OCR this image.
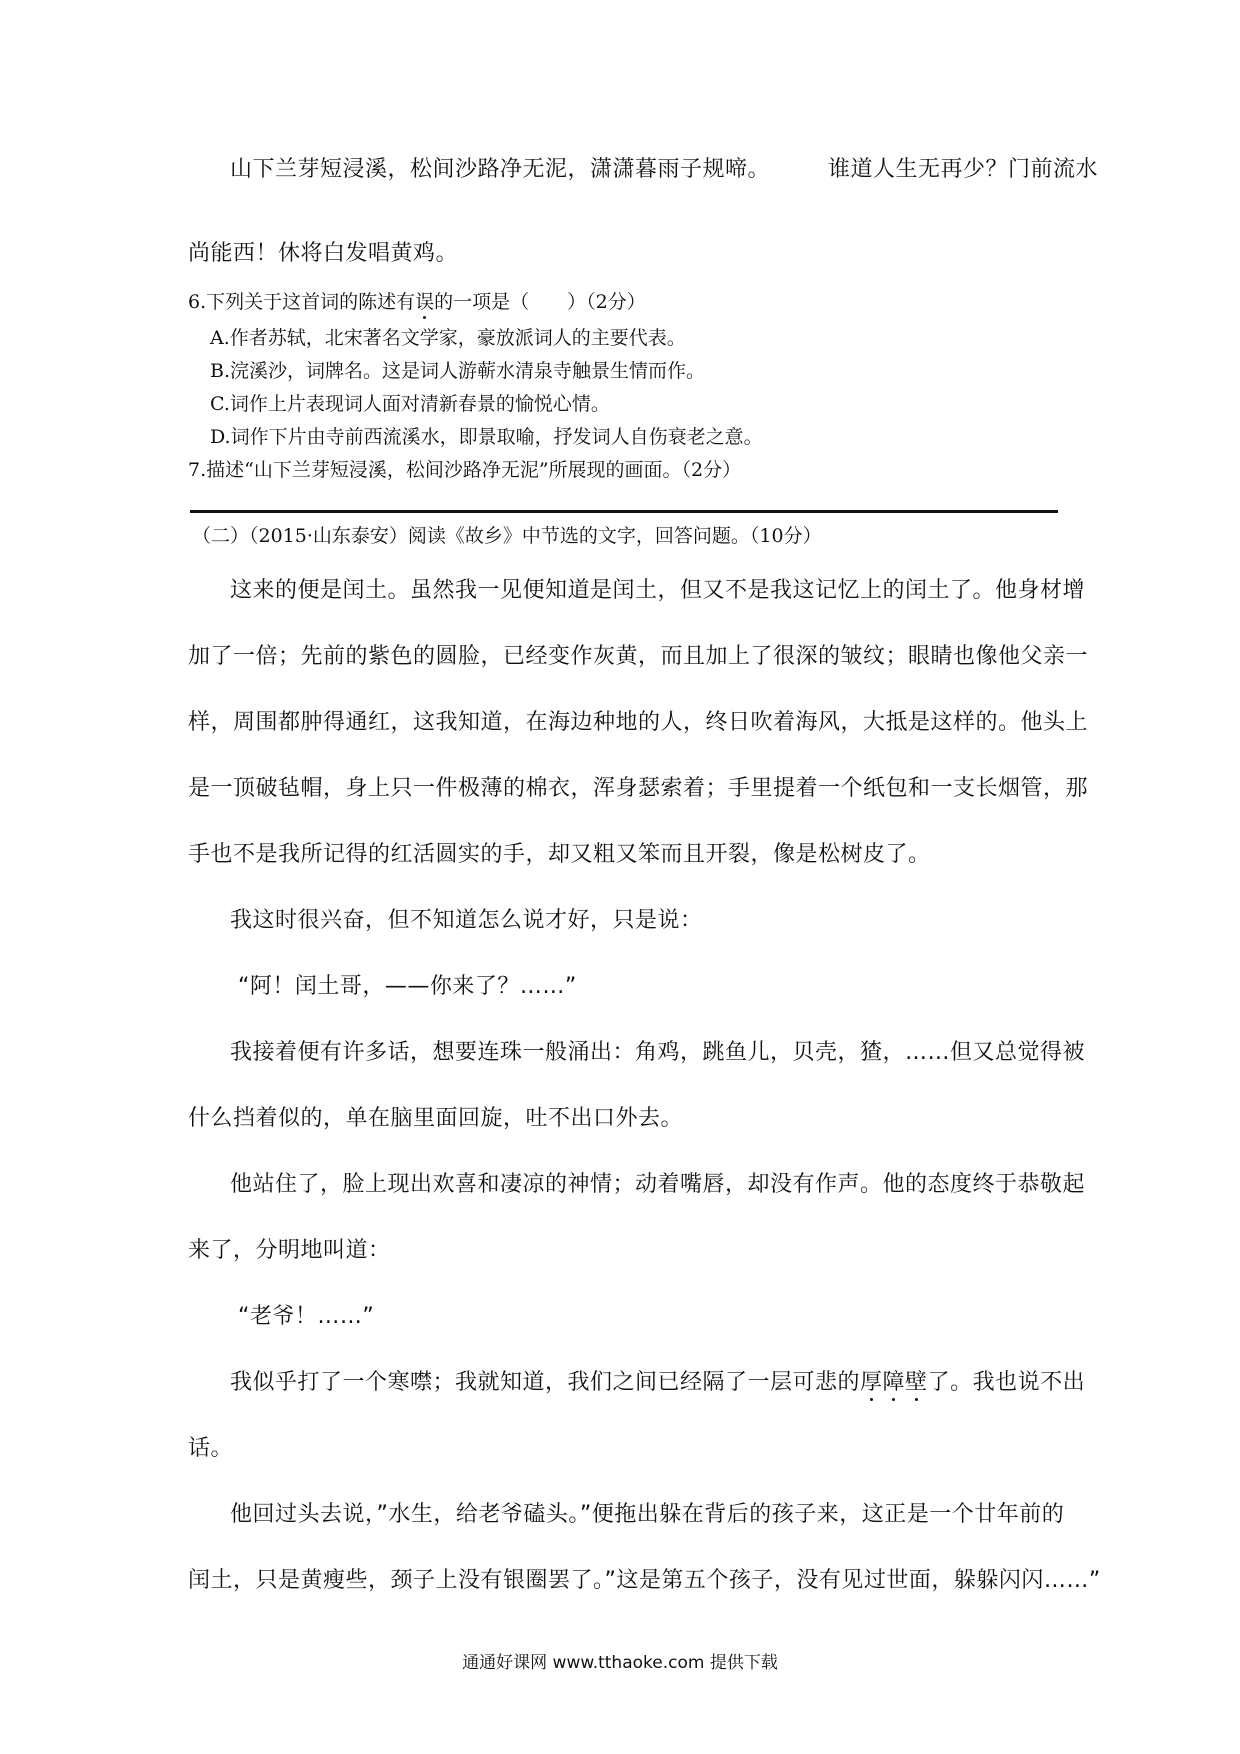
山下兰芽短浸溪，松间沙路净无泥，潇潇暮雨子规啼。	谁道人生无再少？门前流水
尚能西！休将白发唱黄鸡。
6.下列关于这首词的陈述有误的一项是（　　）（2分）
A.作者苏轼，北宋著名文学家，豪放派词人的主要代表。
B.浣溪沙，词牌名。这是词人游蕲水清泉寺触景生情而作。
C.词作上片表现词人面对清新春景的愉悦心情。
D.词作下片由寺前西流溪水，即景取喻，抒发词人自伤衰老之意。
7.描述“山下兰芽短浸溪，松间沙路净无泥”所展现的画面。（2分）
（二）（2015·山东泰安）阅读《故乡》中节选的文字，回答问题。（10分）
这来的便是闰土。虽然我一见便知道是闰土，但又不是我这记忆上的闰土了。他身材增
加了一倍；先前的紫色的圆脸，已经变作灰黄，而且加上了很深的皱纹；眼睛也像他父亲一
样，周围都肿得通红，这我知道，在海边种地的人，终日吹着海风，大抵是这样的。他头上
是一顶破毡帽，身上只一件极薄的棉衣，浑身瑟索着；手里提着一个纸包和一支长烟管，那
手也不是我所记得的红活圆实的手，却又粗又笨而且开裂，像是松树皮了。
我这时很兴奋，但不知道怎么说才好，只是说：
“阿！闰土哥，——你来了？……”
我接着便有许多话，想要连珠一般涌出：角鸡，跳鱼儿，贝壳，猹，……但又总觉得被
什么挡着似的，单在脑里面回旋，吐不出口外去。
他站住了，脸上现出欢喜和凄凉的神情；动着嘴唇，却没有作声。他的态度终于恭敬起
来了，分明地叫道：
“老爷！……”
我似乎打了一个寒噤；我就知道，我们之间已经隔了一层可悲的厚障壁了。我也说不出
话。
他回过头去说，”水生，给老爷磕头。”便拖出躲在背后的孩子来，这正是一个廿年前的
闰土，只是黄瘦些，颈子上没有银圈罢了。”这是第五个孩子，没有见过世面，躲躲闪闪……”
通通好课网 www.tthaoke.com 提供下载
